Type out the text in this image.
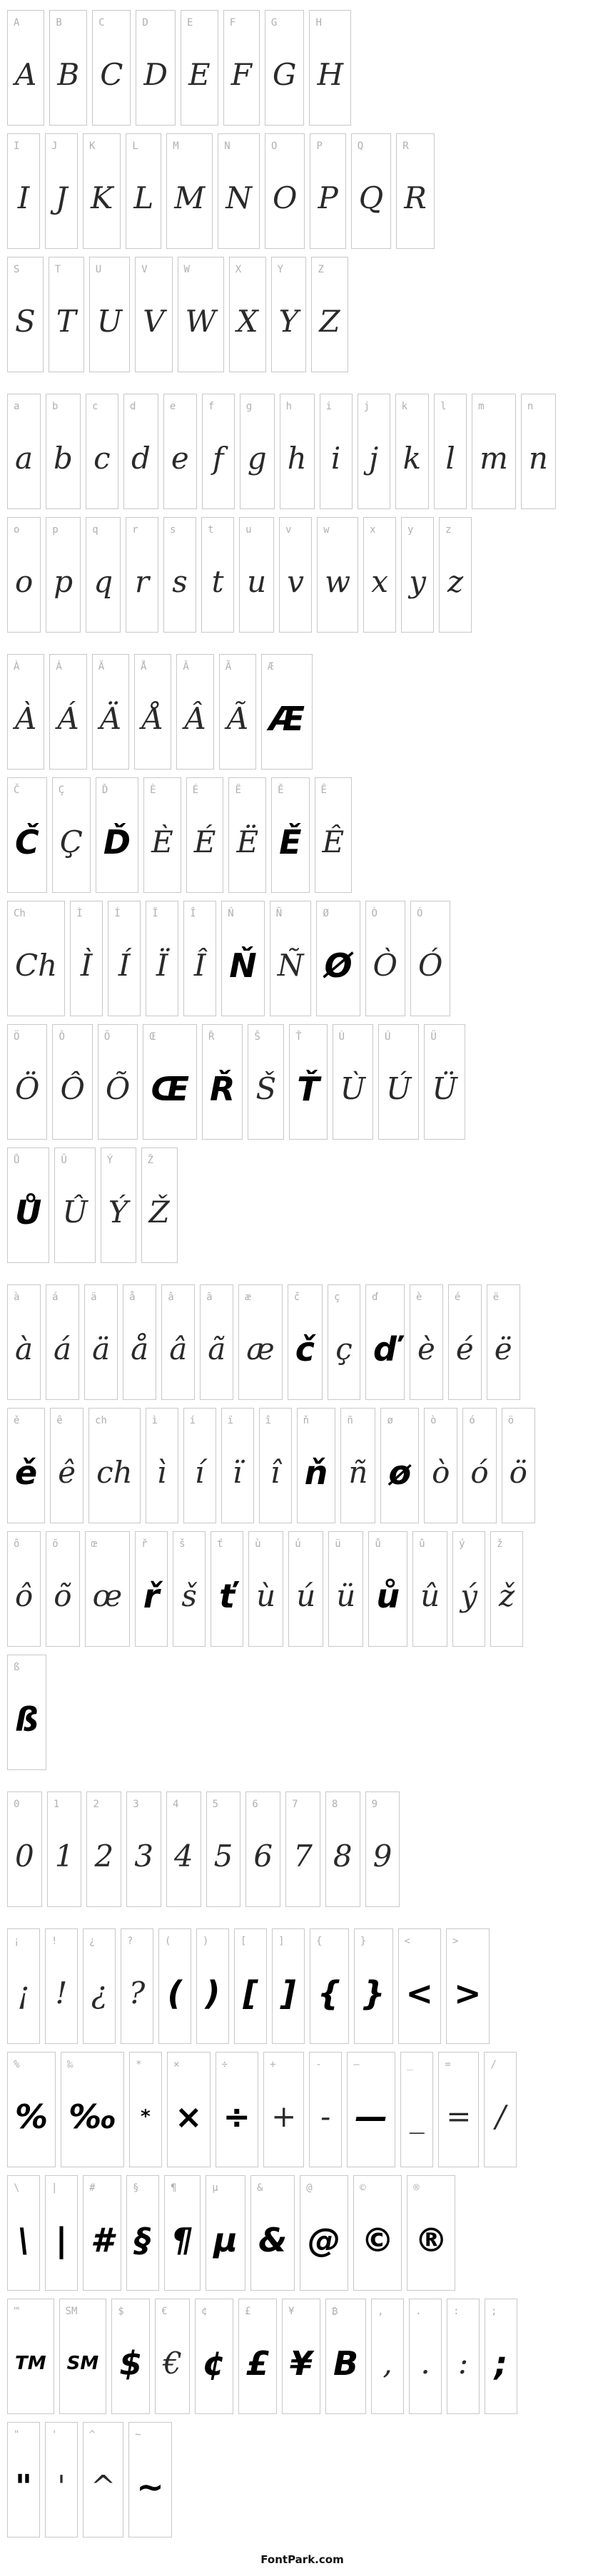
A
A
B
B
C
C
D
D
E
E
F
F
G
G
H
H
I
I
J
J
K
K
L
L
M
M
N
N
O
O
P
P
Q
Q
R
R
S
S
T
T
U
U
V
V
W
W
X
X
Y
Y
Z
Z
a
a
b
b
c
c
d
d
e
e
f
f
g
g
h
h
i
i
j
j
k
k
l
l
m
m
n
n
o
o
p
p
q
q
r
r
s
s
t
t
u
u
v
v
w
w
x
x
y
y
z
z
À
À
Á
Á
Ä
Ä
Å
Å
Â
Â
Ã
Ã
Æ
Æ
Č
Č
Ç
Ç
Ď
Ď
È
È
É
É
Ë
Ë
Ě
Ě
Ê
Ê
Ch
Ch
Ì
Ì
Í
Í
Ï
Ï
Î
Î
Ň
Ň
Ñ
Ñ
Ø
Ø
Ò
Ò
Ó
Ó
Ö
Ö
Ô
Ô
Õ
Õ
Œ
Œ
Ř
Ř
Š
Š
Ť
Ť
Ù
Ù
Ú
Ú
Ü
Ü
Ů
Ů
Û
Û
Ý
Ý
Ž
Ž
à
à
á
á
ä
ä
å
å
â
â
ã
ã
æ
æ
č
č
ç
ç
ď
ď
è
è
é
é
ë
ë
ě
ě
ê
ê
ch
ch
ì
ì
í
í
ï
ï
î
î
ň
ň
ñ
ñ
ø
ø
ò
ò
ó
ó
ö
ö
ô
ô
õ
õ
œ
œ
ř
ř
š
š
ť
ť
ù
ù
ú
ú
ü
ü
ů
ů
û
û
ý
ý
ž
ž
ß
ß
0
0
1
1
2
2
3
3
4
4
5
5
6
6
7
7
8
8
9
9
¡
¡
!
!
¿
¿
?
?
(
(
)
)
[
[
]
]
{
{
}
}
<
<
>
>
%
%
‰
‰
*
*
×
×
÷
÷
+
+
-
-
—
—
_
_
=
=
/
/
\
\
|
|
#
#
§
§
¶
¶
µ
µ
&
&
@
@
©
©
®
®
™
TM
SM
SM
$
$
€
€
¢
¢
£
£
¥
¥
₿
B
,
,
.
.
:
:
;
;
"
"
'
'
^
^
~
~
FontPark.com
